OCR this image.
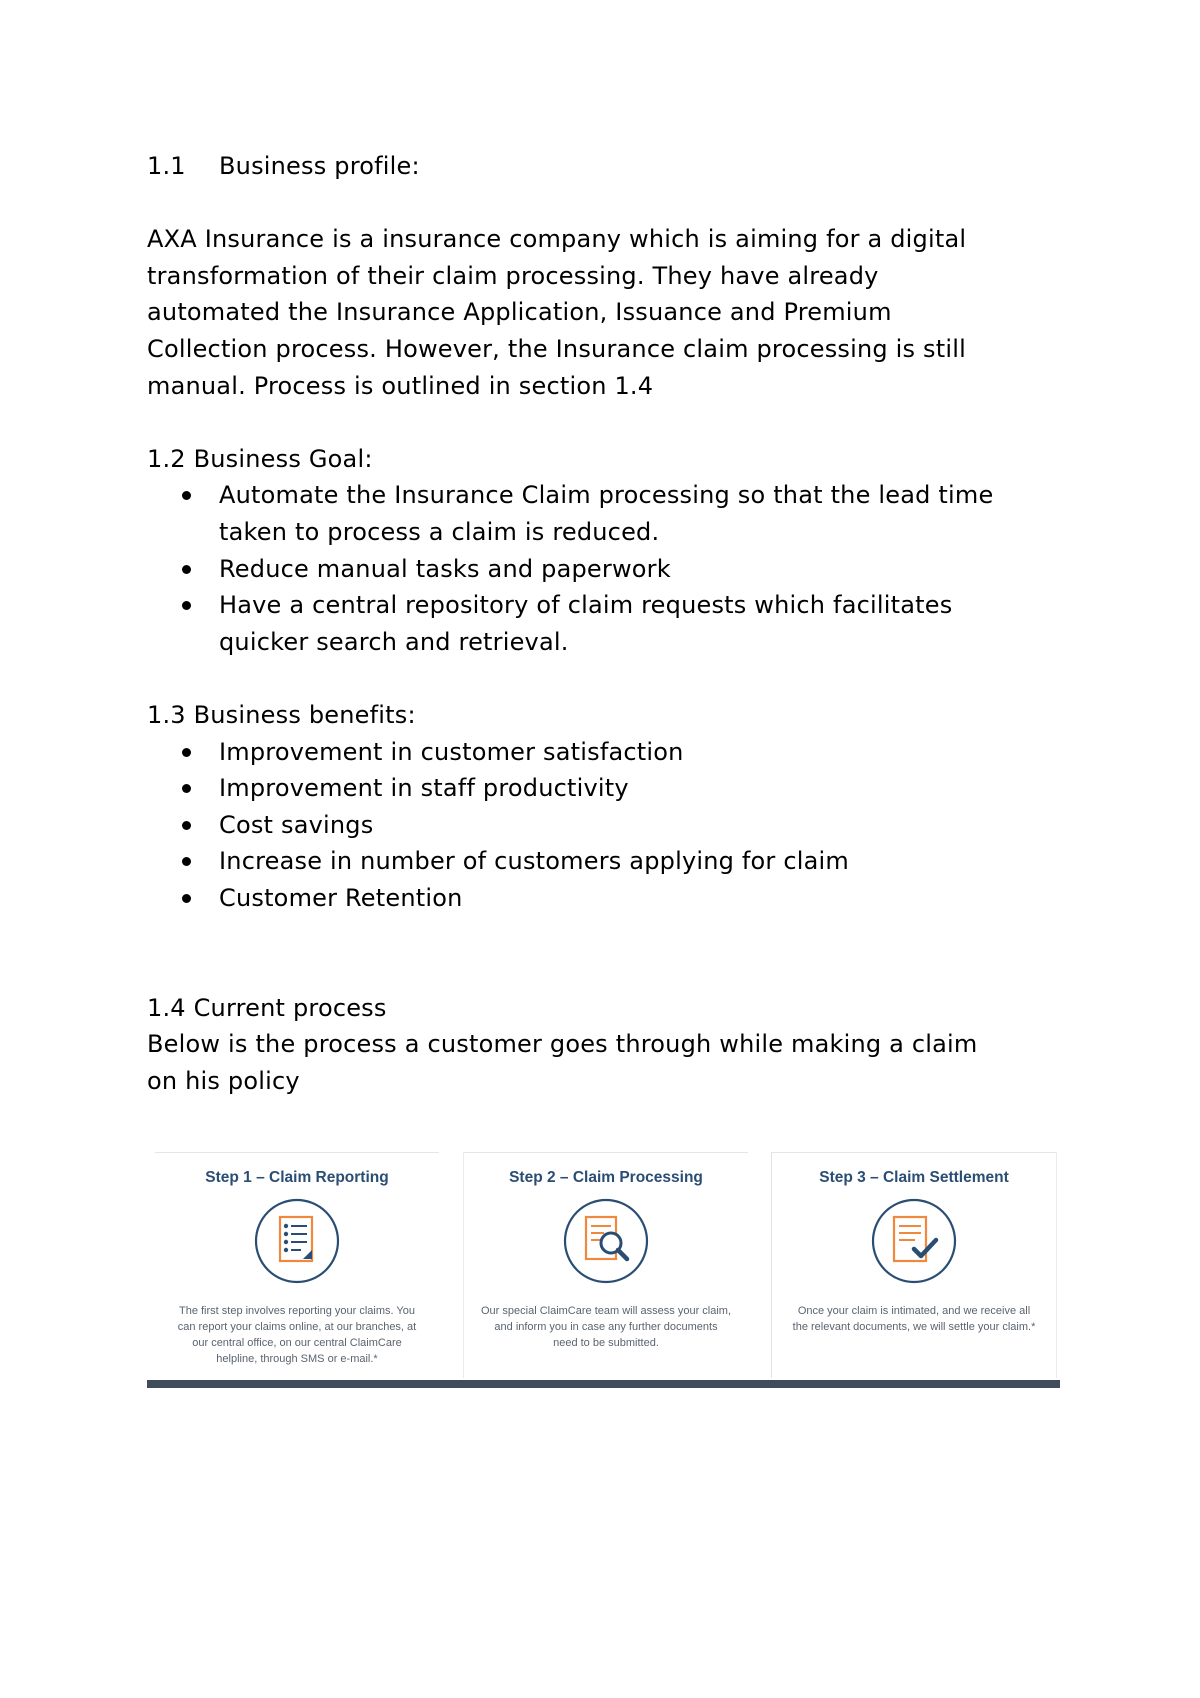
1.1 Business profile:

AXA Insurance is a insurance company which is aiming for a digital

transformation of their claim processing. They have already

automated the Insurance Application, Issuance and Premium

Collection process. However, the Insurance claim processing is still

manual. Process is outlined in section 1.4

1.2 Business Goal:

Automate the Insurance Claim processing so that the lead time
taken to process a claim is reduced.
Reduce manual tasks and paperwork
Have a central repository of claim requests which facilitates
quicker search and retrieval.

1.3 Business benefits:

Improvement in customer satisfaction
Improvement in staff productivity
Cost savings
Increase in number of customers applying for claim
Customer Retention

1.4 Current process

Below is the process a customer goes through while making a claim

on his policy

Step 1 – Claim Reporting
The first step involves reporting your claims. You can report your claims online, at our branches, at our central office, on our central ClaimCare helpline, through SMS or e-mail.*
Step 2 – Claim Processing
Our special ClaimCare team will assess your claim, and inform you in case any further documents need to be submitted.
Step 3 – Claim Settlement
Once your claim is intimated, and we receive all the relevant documents, we will settle your claim.*
